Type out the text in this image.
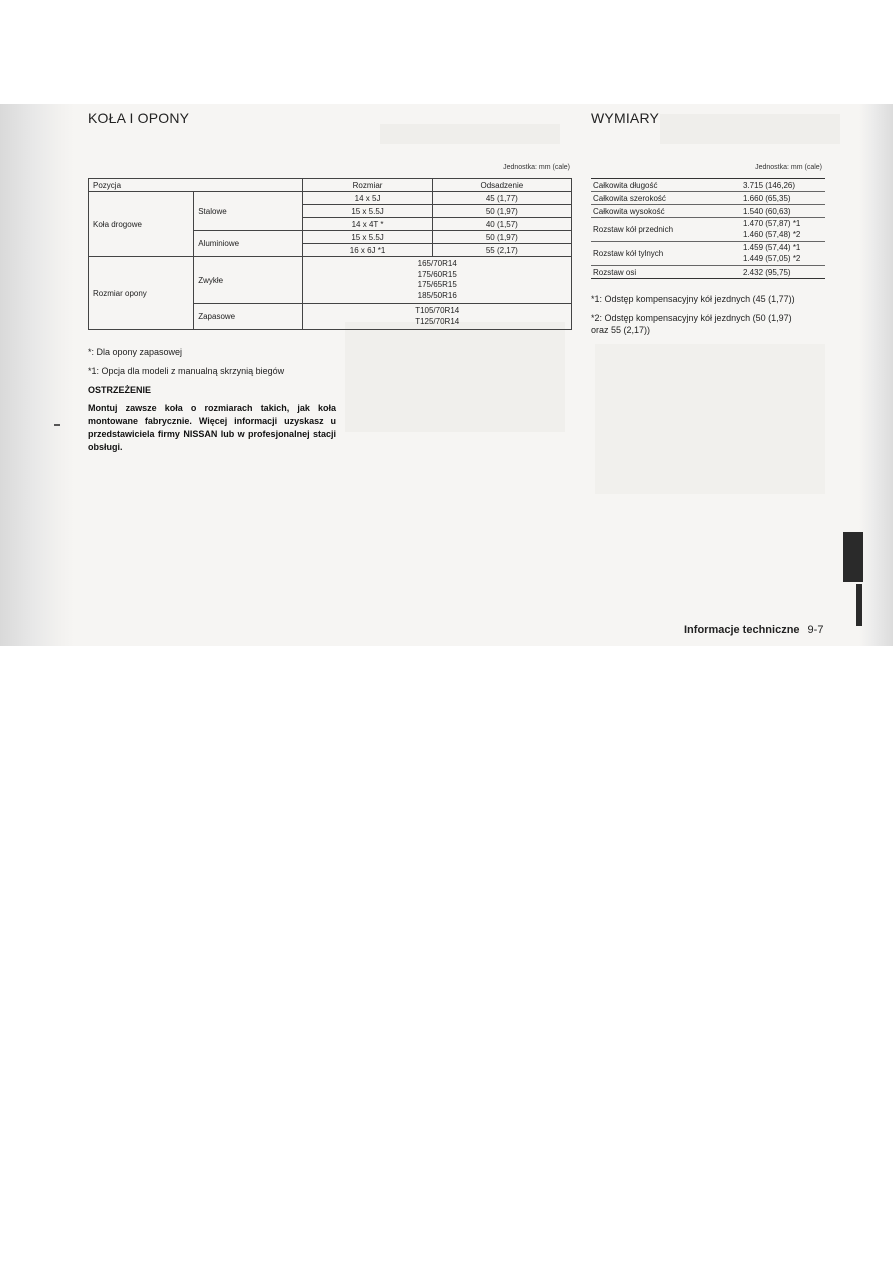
KOŁA I OPONY
Jednostka: mm (cale)
Pozycja		Rozmiar	Odsadzenie
Koła drogowe	Stalowe	14 x 5J	45 (1,77)
		15 x 5.5J	50 (1,97)
		14 x 4T *	40 (1,57)
	Aluminiowe	15 x 5.5J	50 (1,97)
		16 x 6J *1	55 (2,17)
Rozmiar opony	Zwykłe	165/70R14
175/60R15
175/65R15
185/50R16	

	Zapasowe	T105/70R14
T125/70R14	
*: Dla opony zapasowej
*1: Opcja dla modeli z manualną skrzynią biegów
OSTRZEŻENIE
Montuj zawsze koła o rozmiarach takich, jak koła montowane fabrycznie. Więcej informacji uzyskasz u przedstawiciela firmy NISSAN lub w profesjonalnej stacji obsługi.
WYMIARY
Jednostka: mm (cale)
Całkowita długość	3.715 (146,26)
Całkowita szerokość	1.660 (65,35)
Całkowita wysokość	1.540 (60,63)
Rozstaw kół przednich	1.470 (57,87) *1
1.460 (57,48) *2

Rozstaw kół tylnych	1.459 (57,44) *1
1.449 (57,05) *2

Rozstaw osi	2.432 (95,75)
*1: Odstęp kompensacyjny kół jezdnych (45 (1,77))
*2: Odstęp kompensacyjny kół jezdnych (50 (1,97)
oraz 55 (2,17))
Informacje techniczne 9-7
